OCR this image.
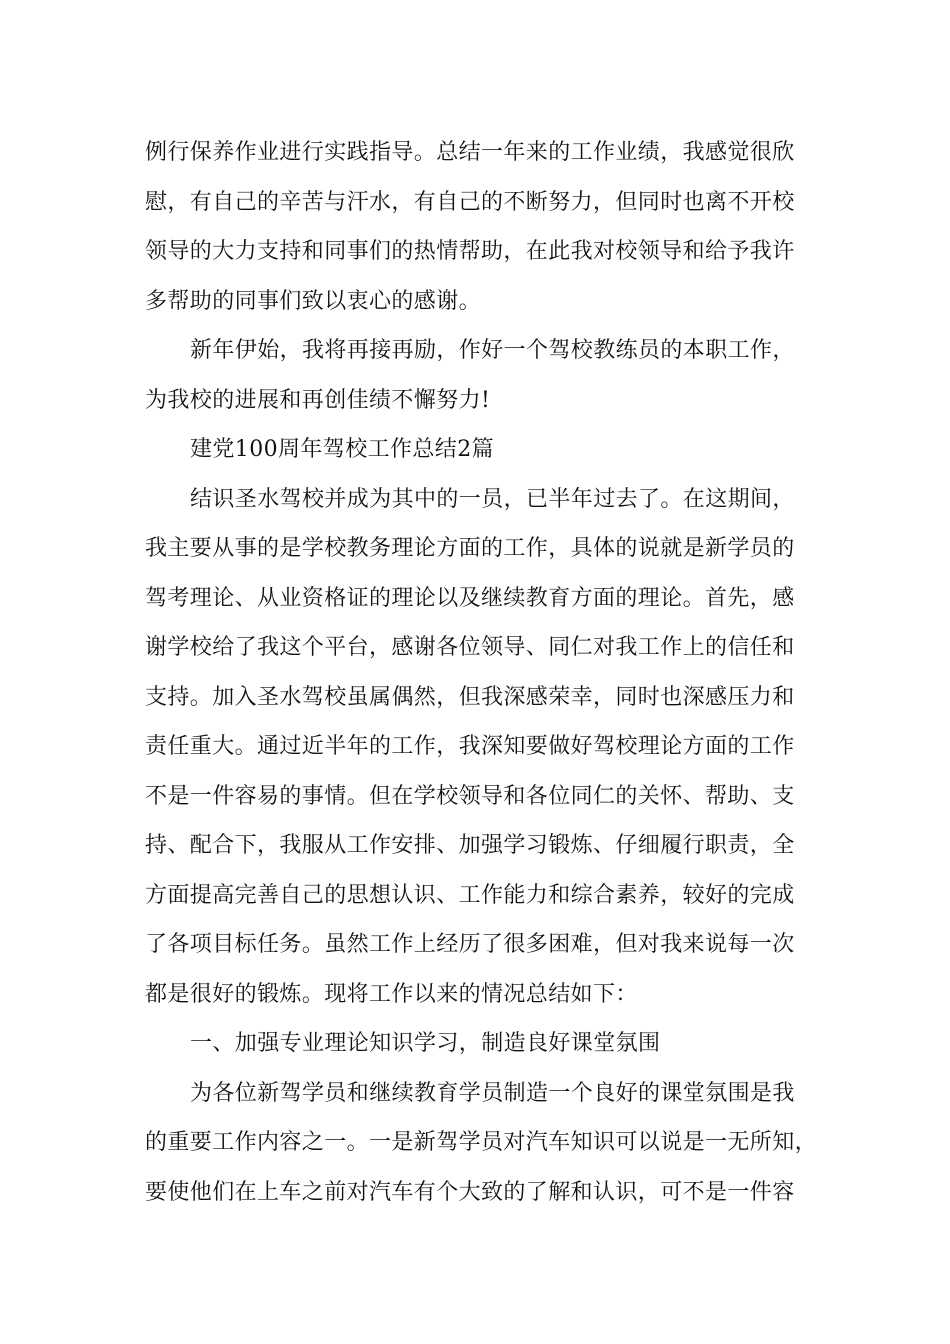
例行保养作业进行实践指导。总结一年来的工作业绩，我感觉很欣
慰，有自己的辛苦与汗水，有自己的不断努力，但同时也离不开校
领导的大力支持和同事们的热情帮助，在此我对校领导和给予我许
多帮助的同事们致以衷心的感谢。
新年伊始，我将再接再励，作好一个驾校教练员的本职工作，
为我校的进展和再创佳绩不懈努力!
建党100周年驾校工作总结2篇
结识圣水驾校并成为其中的一员，已半年过去了。在这期间，
我主要从事的是学校教务理论方面的工作，具体的说就是新学员的
驾考理论、从业资格证的理论以及继续教育方面的理论。首先，感
谢学校给了我这个平台，感谢各位领导、同仁对我工作上的信任和
支持。加入圣水驾校虽属偶然，但我深感荣幸，同时也深感压力和
责任重大。通过近半年的工作，我深知要做好驾校理论方面的工作
不是一件容易的事情。但在学校领导和各位同仁的关怀、帮助、支
持、配合下，我服从工作安排、加强学习锻炼、仔细履行职责，全
方面提高完善自己的思想认识、工作能力和综合素养，较好的完成
了各项目标任务。虽然工作上经历了很多困难，但对我来说每一次
都是很好的锻炼。现将工作以来的情况总结如下：
一、加强专业理论知识学习，制造良好课堂氛围
为各位新驾学员和继续教育学员制造一个良好的课堂氛围是我
的重要工作内容之一。一是新驾学员对汽车知识可以说是一无所知，
要使他们在上车之前对汽车有个大致的了解和认识，可不是一件容
